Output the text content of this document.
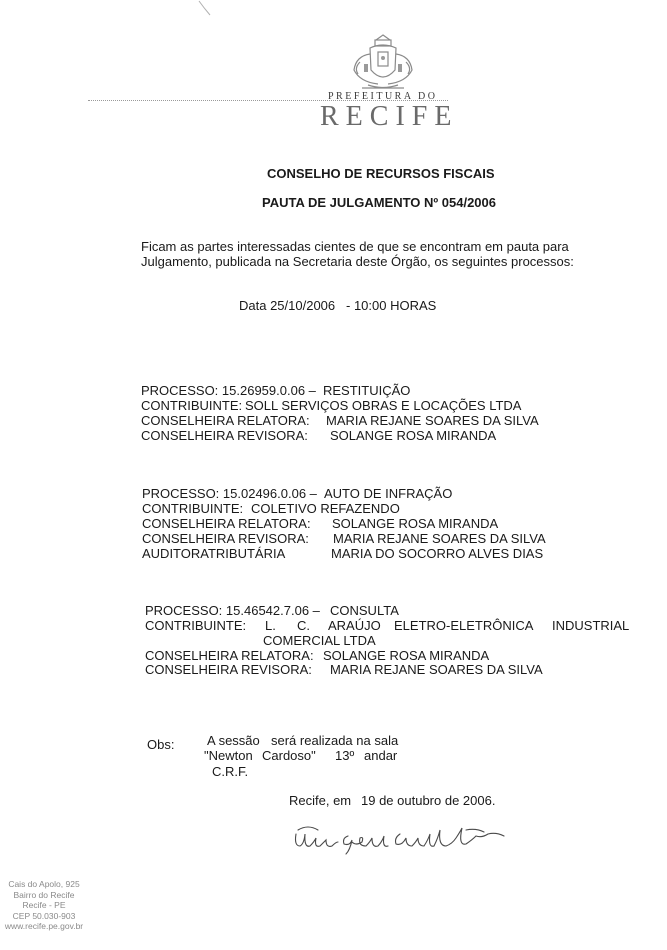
PREFEITURA DO
RECIFE
CONSELHO DE RECURSOS FISCAIS
PAUTA DE JULGAMENTO Nº 054/2006
Ficam as partes interessadas cientes de que se encontram em pauta para
Julgamento, publicada na Secretaria deste Órgão, os seguintes processos:
Data 25/10/2006 - 10:00 HORAS
PROCESSO: 15.26959.0.06 – RESTITUIÇÃO
CONTRIBUINTE: SOLL SERVIÇOS OBRAS E LOCAÇÕES LTDA
CONSELHEIRA RELATORA: MARIA REJANE SOARES DA SILVA
CONSELHEIRA REVISORA: SOLANGE ROSA MIRANDA
PROCESSO: 15.02496.0.06 – AUTO DE INFRAÇÃO
CONTRIBUINTE: COLETIVO REFAZENDO
CONSELHEIRA RELATORA: SOLANGE ROSA MIRANDA
CONSELHEIRA REVISORA: MARIA REJANE SOARES DA SILVA
AUDITORATRIBUTÁRIA	MARIA DO SOCORRO ALVES DIAS
PROCESSO: 15.46542.7.06 – CONSULTA
CONTRIBUINTE: L. C. ARAÚJO ELETRO-ELETRÔNICA INDUSTRIAL
COMERCIAL LTDA
CONSELHEIRA RELATORA: SOLANGE ROSA MIRANDA
CONSELHEIRA REVISORA: MARIA REJANE SOARES DA SILVA
Obs:	A sessão será realizada na sala
"Newton Cardoso" 13º andar
C.R.F.
Recife, em 19 de outubro de 2006.
Cais do Apolo, 925
Bairro do Recife
Recife - PE
CEP 50.030-903
www.recife.pe.gov.br
